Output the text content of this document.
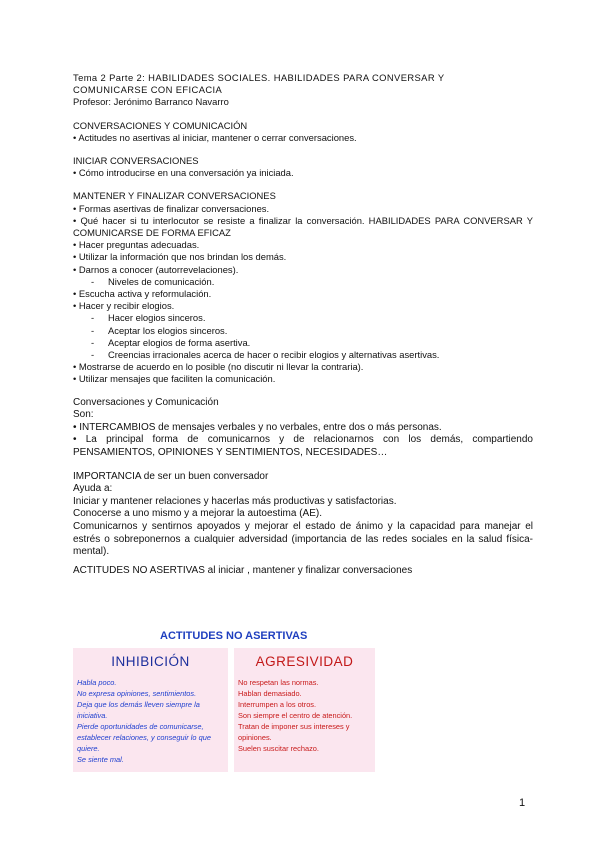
Tema 2 Parte 2: HABILIDADES SOCIALES. HABILIDADES PARA CONVERSAR Y

COMUNICARSE CON EFICACIA

Profesor: Jerónimo Barranco Navarro

CONVERSACIONES Y COMUNICACIÓN

• Actitudes no asertivas al iniciar, mantener o cerrar conversaciones.

INICIAR CONVERSACIONES

• Cómo introducirse en una conversación ya iniciada.

MANTENER Y FINALIZAR CONVERSACIONES

• Formas asertivas de finalizar conversaciones.

• Qué hacer si tu interlocutor se resiste a finalizar la conversación. HABILIDADES PARA CONVERSAR Y COMUNICARSE DE FORMA EFICAZ

• Hacer preguntas adecuadas.

• Utilizar la información que nos brindan los demás.

• Darnos a conocer (autorrevelaciones).

- Niveles de comunicación.

• Escucha activa y reformulación.

• Hacer y recibir elogios.

- Hacer elogios sinceros.

- Aceptar los elogios sinceros.

- Aceptar elogios de forma asertiva.

- Creencias irracionales acerca de hacer o recibir elogios y alternativas asertivas.

• Mostrarse de acuerdo en lo posible (no discutir ni llevar la contraria).

• Utilizar mensajes que faciliten la comunicación.

Conversaciones y Comunicación

Son:

• INTERCAMBIOS de mensajes verbales y no verbales, entre dos o más personas.

• La principal forma de comunicarnos y de relacionarnos con los demás, compartiendo PENSAMIENTOS, OPINIONES Y SENTIMIENTOS, NECESIDADES…

IMPORTANCIA de ser un buen conversador

Ayuda a:

Iniciar y mantener relaciones y hacerlas más productivas y satisfactorias.

Conocerse a uno mismo y a mejorar la autoestima (AE).

Comunicarnos y sentirnos apoyados y mejorar el estado de ánimo y la capacidad para manejar el estrés o sobreponernos a cualquier adversidad (importancia de las redes sociales en la salud física-mental).

ACTITUDES NO ASERTIVAS al iniciar , mantener y finalizar conversaciones

ACTITUDES NO ASERTIVAS
INHIBICIÓN
Habla poco.
No expresa opiniones, sentimientos.
Deja que los demás lleven siempre la
iniciativa.
Pierde oportunidades de comunicarse,
establecer relaciones, y conseguir lo que
quiere.
Se siente mal.
AGRESIVIDAD
No respetan las normas.
Hablan demasiado.
Interrumpen a los otros.
Son siempre el centro de atención.
Tratan de imponer sus intereses y
opiniones.
Suelen suscitar rechazo.
1
